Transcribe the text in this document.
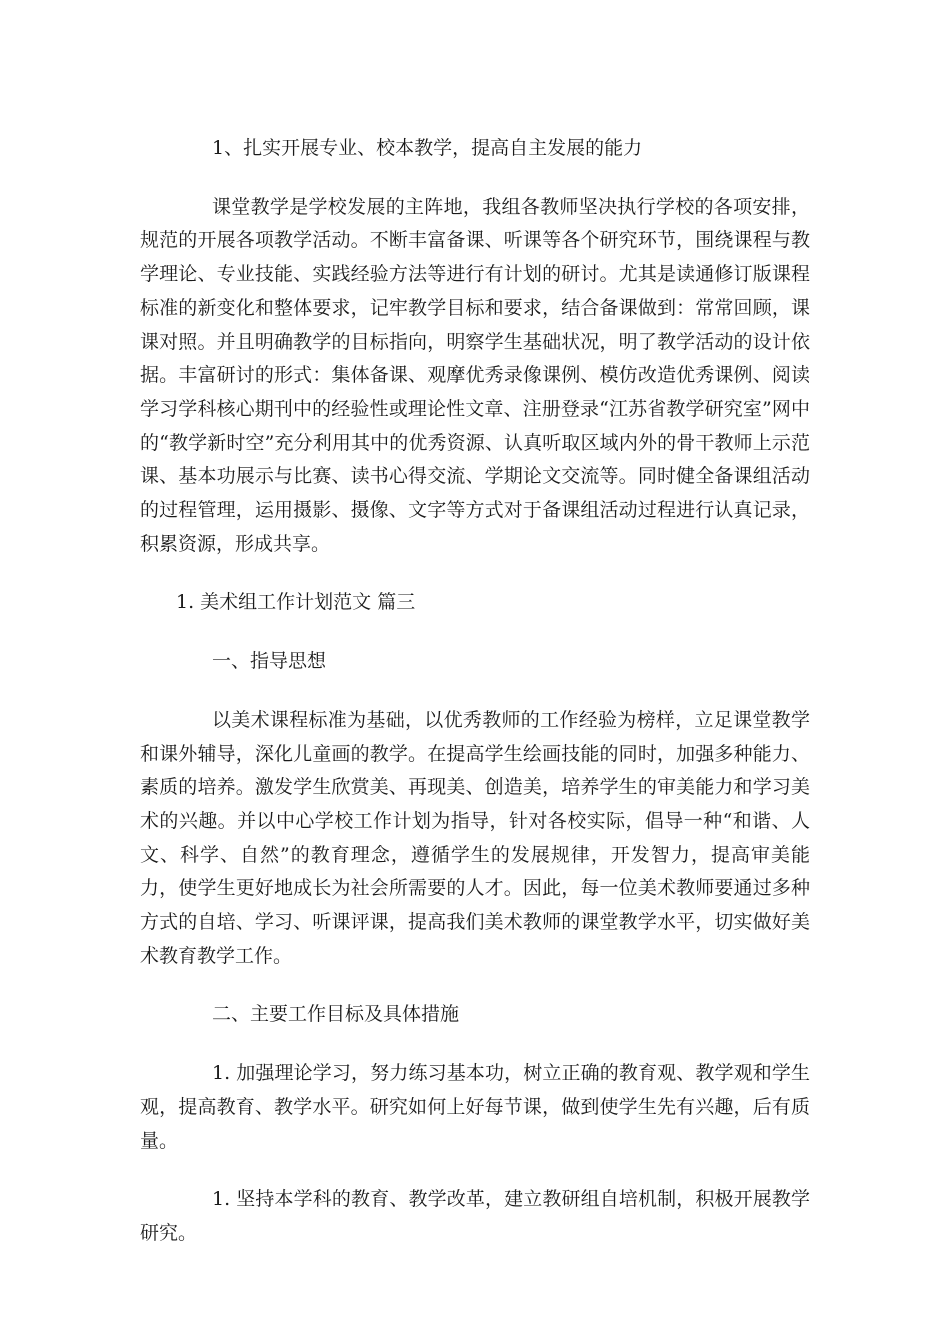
1、扎实开展专业、校本教学，提高自主发展的能力

课堂教学是学校发展的主阵地，我组各教师坚决执行学校的各项安排，规范的开展各项教学活动。不断丰富备课、听课等各个研究环节，围绕课程与教学理论、专业技能、实践经验方法等进行有计划的研讨。尤其是读通修订版课程标准的新变化和整体要求，记牢教学目标和要求，结合备课做到：常常回顾，课课对照。并且明确教学的目标指向，明察学生基础状况，明了教学活动的设计依据。丰富研讨的形式：集体备课、观摩优秀录像课例、模仿改造优秀课例、阅读学习学科核心期刊中的经验性或理论性文章、注册登录“江苏省教学研究室”网中的“教学新时空”充分利用其中的优秀资源、认真听取区域内外的骨干教师上示范课、基本功展示与比赛、读书心得交流、学期论文交流等。同时健全备课组活动的过程管理，运用摄影、摄像、文字等方式对于备课组活动过程进行认真记录，积累资源，形成共享。

1. 美术组工作计划范文 篇三

一、指导思想

以美术课程标准为基础，以优秀教师的工作经验为榜样，立足课堂教学和课外辅导，深化儿童画的教学。在提高学生绘画技能的同时，加强多种能力、素质的培养。激发学生欣赏美、再现美、创造美，培养学生的审美能力和学习美术的兴趣。并以中心学校工作计划为指导，针对各校实际，倡导一种“和谐、人文、科学、自然”的教育理念，遵循学生的发展规律，开发智力，提高审美能力，使学生更好地成长为社会所需要的人才。因此，每一位美术教师要通过多种方式的自培、学习、听课评课，提高我们美术教师的课堂教学水平，切实做好美术教育教学工作。

二、主要工作目标及具体措施

1. 加强理论学习，努力练习基本功，树立正确的教育观、教学观和学生观，提高教育、教学水平。研究如何上好每节课，做到使学生先有兴趣，后有质量。

1. 坚持本学科的教育、教学改革，建立教研组自培机制，积极开展教学研究。
